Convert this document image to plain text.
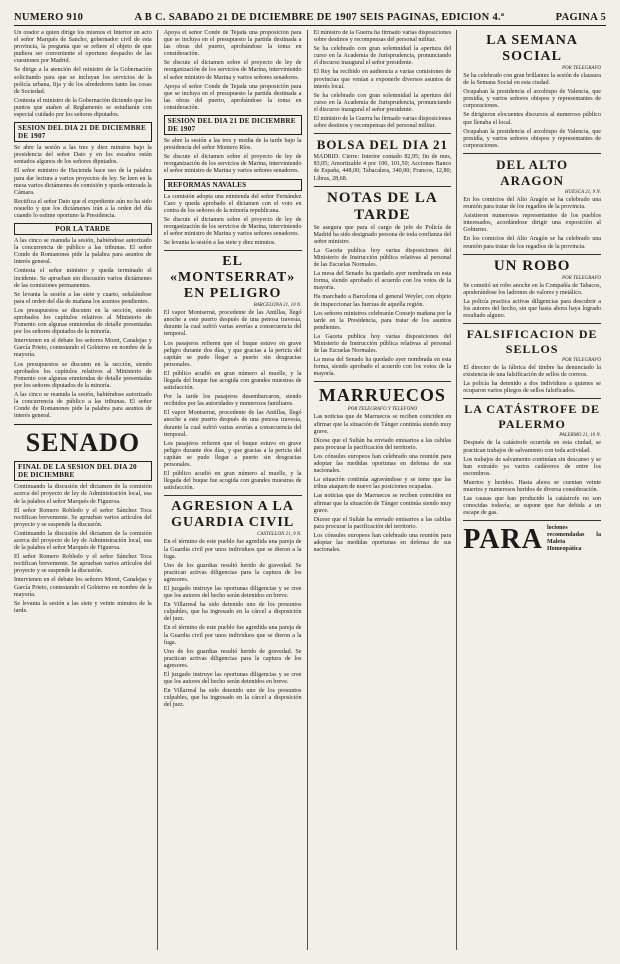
NUMERO 910	A B C. SABADO 21 DE DICIEMBRE DE 1907 SEIS PAGINAS, EDICION 4.ª	PAGINA 5

Un orador a quien dirige los mismos el Interior un acto el señor Marqués de Sancho, gobernador civil de esta provincia, la pregunta que se refiere el objeto de que pudiera ser conveniente el oportuno despacho de las cuestiones por Madrid.

Se dirige a la atención del ministro de la Gobernación solicitando para que se incluyan los servicios de la policía urbana, fija y de los alrededores tanto las cosas de Sociedad.

Contesta el ministro de la Gobernación diciendo que los puntos que atañen al Reglamento se estudiarán con especial cuidado por los señores diputados.

SESION DEL DIA 21 DE DICIEMBRE DE 1907

Se abre la sesión a las tres y diez minutos bajo la presidencia del señor Dato y en los escaños están sentados algunos de los señores diputados.

El señor ministro de Hacienda hace uso de la palabra para dar lectura a varios proyectos de ley. Se leen en la mesa varios dictámenes de comisión y queda enterada la Cámara.

Rectifica el señor Dato que el expediente aún no ha sido resuelto y que los dictámenes irán a la orden del día cuando lo estime oportuno la Presidencia.

POR LA TARDE

A las cinco se reanuda la sesión, habiéndose autorizado la concurrencia de público a las tribunas. El señor Conde de Romanones pide la palabra para asuntos de interés general.

Contesta el señor ministro y queda terminado el incidente. Se aprueban sin discusión varios dictámenes de las comisiones permanentes.

Se levanta la sesión a las siete y cuarto, señalándose para el orden del día de mañana los asuntos pendientes.

Los presupuestos se discuten en la sección, siendo aprobados los capítulos relativos al Ministerio de Fomento con algunas enmiendas de detalle presentadas por los señores diputados de la minoría.

Intervienen en el debate los señores Moret, Canalejas y García Prieto, contestando el Gobierno en nombre de la mayoría.

Los presupuestos se discuten en la sección, siendo aprobados los capítulos relativos al Ministerio de Fomento con algunas enmiendas de detalle presentadas por los señores diputados de la minoría.

A las cinco se reanuda la sesión, habiéndose autorizado la concurrencia de público a las tribunas. El señor Conde de Romanones pide la palabra para asuntos de interés general.

SENADO
FINAL DE LA SESION DEL DIA 20 DE DICIEMBRE

Continuando la discusión del dictamen de la comisión acerca del proyecto de ley de Administración local, usa de la palabra el señor Marqués de Figueroa.

El señor Romero Robledo y el señor Sánchez Toca rectifican brevemente. Se aprueban varios artículos del proyecto y se suspende la discusión.

Continuando la discusión del dictamen de la comisión acerca del proyecto de ley de Administración local, usa de la palabra el señor Marqués de Figueroa.

El señor Romero Robledo y el señor Sánchez Toca rectifican brevemente. Se aprueban varios artículos del proyecto y se suspende la discusión.

Intervienen en el debate los señores Moret, Canalejas y García Prieto, contestando el Gobierno en nombre de la mayoría.

Se levanta la sesión a las siete y veinte minutos de la tarde.

Apoya el señor Conde de Tejada una proposición para que se incluya en el presupuesto la partida destinada a las obras del puerto, aprobándose la toma en consideración.

Se discute el dictamen sobre el proyecto de ley de reorganización de los servicios de Marina, interviniendo el señor ministro de Marina y varios señores senadores.

Apoya el señor Conde de Tejada una proposición para que se incluya en el presupuesto la partida destinada a las obras del puerto, aprobándose la toma en consideración.

SESION DEL DIA 21 DE DICIEMBRE DE 1907

Se abre la sesión a las tres y media de la tarde bajo la presidencia del señor Montero Ríos.

Se discute el dictamen sobre el proyecto de ley de reorganización de los servicios de Marina, interviniendo el señor ministro de Marina y varios señores senadores.

REFORMAS NAVALES

La comisión adopta una enmienda del señor Fernández Caro y queda aprobado el dictamen con el voto en contra de los señores de la minoría republicana.

Se discute el dictamen sobre el proyecto de ley de reorganización de los servicios de Marina, interviniendo el señor ministro de Marina y varios señores senadores.

Se levanta la sesión a las siete y diez minutos.

EL «MONTSERRAT» EN PELIGRO
BARCELONA 21, 10 N.

El vapor Montserrat, procedente de las Antillas, llegó anoche a este puerto después de una penosa travesía, durante la cual sufrió varias averías a consecuencia del temporal.

Los pasajeros refieren que el buque estuvo en grave peligro durante dos días, y que gracias a la pericia del capitán se pudo llegar a puerto sin desgracias personales.

El público acudió en gran número al muelle, y la llegada del buque fue acogida con grandes muestras de satisfacción.

Por la tarde los pasajeros desembarcaron, siendo recibidos por las autoridades y numerosos familiares.

El vapor Montserrat, procedente de las Antillas, llegó anoche a este puerto después de una penosa travesía, durante la cual sufrió varias averías a consecuencia del temporal.

Los pasajeros refieren que el buque estuvo en grave peligro durante dos días, y que gracias a la pericia del capitán se pudo llegar a puerto sin desgracias personales.

El público acudió en gran número al muelle, y la llegada del buque fue acogida con grandes muestras de satisfacción.

AGRESION A LA GUARDIA CIVIL
CASTELLON 21, 9 N.

En el término de este pueblo fue agredida una pareja de la Guardia civil por unos individuos que se dieron a la fuga.

Uno de los guardias resultó herido de gravedad. Se practican activas diligencias para la captura de los agresores.

El juzgado instruye las oportunas diligencias y se cree que los autores del hecho serán detenidos en breve.

En Villarreal ha sido detenido uno de los presuntos culpables, que ha ingresado en la cárcel a disposición del juez.

En el término de este pueblo fue agredida una pareja de la Guardia civil por unos individuos que se dieron a la fuga.

Uno de los guardias resultó herido de gravedad. Se practican activas diligencias para la captura de los agresores.

El juzgado instruye las oportunas diligencias y se cree que los autores del hecho serán detenidos en breve.

En Villarreal ha sido detenido uno de los presuntos culpables, que ha ingresado en la cárcel a disposición del juez.

El ministro de la Guerra ha firmado varias disposiciones sobre destinos y recompensas del personal militar.

Se ha celebrado con gran solemnidad la apertura del curso en la Academia de Jurisprudencia, pronunciando el discurso inaugural el señor presidente.

El Rey ha recibido en audiencia a varias comisiones de provincias que venían a exponerle diversos asuntos de interés local.

Se ha celebrado con gran solemnidad la apertura del curso en la Academia de Jurisprudencia, pronunciando el discurso inaugural el señor presidente.

El ministro de la Guerra ha firmado varias disposiciones sobre destinos y recompensas del personal militar.

BOLSA DEL DIA 21

MADRID. Cierre: Interior contado 82,95; fin de mes, 83,05; Amortizable 4 por 100, 101,50; Acciones Banco de España, 448,00; Tabacalera, 340,00; Francos, 12,80; Libras, 28,68.

NOTAS DE LA TARDE

Se asegura que para el cargo de jefe de Policía de Madrid ha sido designado persona de toda confianza del señor ministro.

La Gaceta publica hoy varias disposiciones del Ministerio de Instrucción pública relativas al personal de las Escuelas Normales.

La mesa del Senado ha quedado ayer nombrada en esta forma, siendo aprobado el acuerdo con los votos de la mayoría.

Ha marchado a Barcelona el general Weyler, con objeto de inspeccionar las fuerzas de aquella región.

Los señores ministros celebrarán Consejo mañana por la tarde en la Presidencia, para tratar de los asuntos pendientes.

La Gaceta publica hoy varias disposiciones del Ministerio de Instrucción pública relativas al personal de las Escuelas Normales.

La mesa del Senado ha quedado ayer nombrada en esta forma, siendo aprobado el acuerdo con los votos de la mayoría.

MARRUECOS
POR TELEGRAFO Y TELEFONO

Las noticias que de Marruecos se reciben coinciden en afirmar que la situación de Tánger continúa siendo muy grave.

Dícese que el Sultán ha enviado emisarios a las cabilas para procurar la pacificación del territorio.

Los cónsules europeos han celebrado una reunión para adoptar las medidas oportunas en defensa de sus nacionales.

La situación continúa agravándose y se teme que las tribus ataquen de nuevo las posiciones ocupadas.

Las noticias que de Marruecos se reciben coinciden en afirmar que la situación de Tánger continúa siendo muy grave.

Dícese que el Sultán ha enviado emisarios a las cabilas para procurar la pacificación del territorio.

Los cónsules europeos han celebrado una reunión para adoptar las medidas oportunas en defensa de sus nacionales.

LA SEMANA SOCIAL
POR TELEGRAFO

Se ha celebrado con gran brillantez la sesión de clausura de la Semana Social en esta ciudad.

Ocupaban la presidencia el arzobispo de Valencia, que presidía, y varios señores obispos y representantes de corporaciones.

Se dirigieron elocuentes discursos al numeroso público que llenaba el local.

Ocupaban la presidencia el arzobispo de Valencia, que presidía, y varios señores obispos y representantes de corporaciones.

DEL ALTO ARAGON
HUESCA 21, 9 N.

En los comicios del Alto Aragón se ha celebrado una reunión para tratar de los regadíos de la provincia.

Asistieron numerosos representantes de los pueblos interesados, acordándose dirigir una exposición al Gobierno.

En los comicios del Alto Aragón se ha celebrado una reunión para tratar de los regadíos de la provincia.

UN ROBO
POR TELEGRAFO

Se cometió un robo anoche en la Compañía de Tabacos, apoderándose los ladrones de valores y metálico.

La policía practica activas diligencias para descubrir a los autores del hecho, sin que hasta ahora haya logrado resultado alguno.

FALSIFICACION DE SELLOS
POR TELEGRAFO

El director de la fábrica del timbre ha denunciado la existencia de una falsificación de sellos de correos.

La policía ha detenido a dos individuos a quienes se ocuparon varios pliegos de sellos falsificados.

LA CATÁSTROFE DE PALERMO
PALERMO 21, 10 N.

Después de la catástrofe ocurrida en esta ciudad, se practican trabajos de salvamento con toda actividad.

Los trabajos de salvamento continúan sin descanso y se han extraído ya varios cadáveres de entre los escombros.

Muertos y heridos. Hasta ahora se cuentan veinte muertos y numerosos heridos de diversa consideración.

Las causas que han producido la catástrofe no son conocidas todavía; se supone que fue debida a un escape de gas.

PARA lociones recomendadas la Maleta Homeopática
